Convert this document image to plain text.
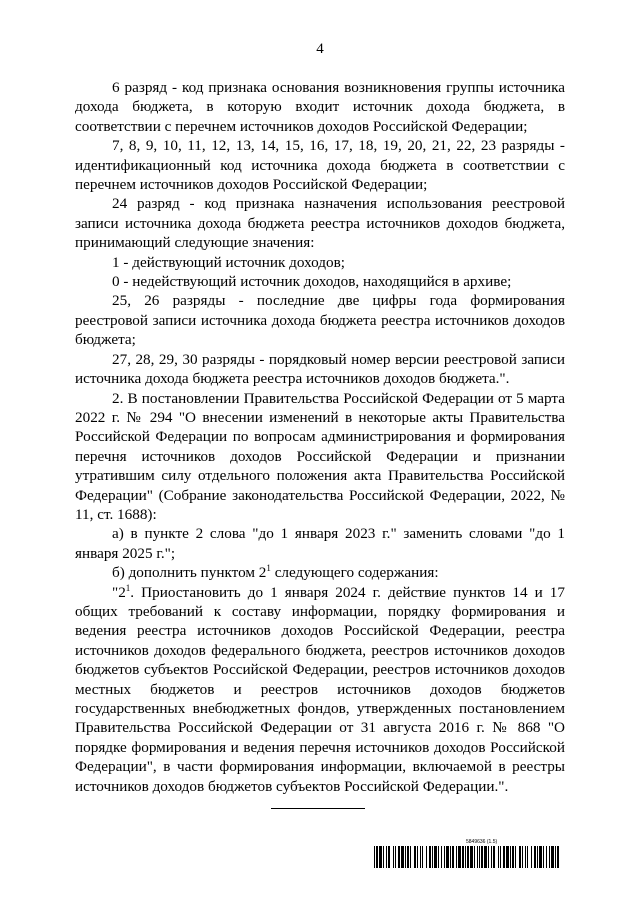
4

6 разряд - код признака основания возникновения группы источника дохода бюджета, в которую входит источник дохода бюджета, в соответствии с перечнем источников доходов Российской Федерации;

7, 8, 9, 10, 11, 12, 13, 14, 15, 16, 17, 18, 19, 20, 21, 22, 23 разряды - идентификационный код источника дохода бюджета в соответствии с перечнем источников доходов Российской Федерации;

24 разряд - код признака назначения использования реестровой записи источника дохода бюджета реестра источников доходов бюджета, принимающий следующие значения:

1 - действующий источник доходов;

0 - недействующий источник доходов, находящийся в архиве;

25, 26 разряды - последние две цифры года формирования реестровой записи источника дохода бюджета реестра источников доходов бюджета;

27, 28, 29, 30 разряды - порядковый номер версии реестровой записи источника дохода бюджета реестра источников доходов бюджета.".

2. В постановлении Правительства Российской Федерации от 5 марта 2022 г. № 294 "О внесении изменений в некоторые акты Правительства Российской Федерации по вопросам администрирования и формирования перечня источников доходов Российской Федерации и признании утратившим силу отдельного положения акта Правительства Российской Федерации" (Собрание законодательства Российской Федерации, 2022, № 11, ст. 1688):

а) в пункте 2 слова "до 1 января 2023 г." заменить словами "до 1 января 2025 г.";

б) дополнить пунктом $2^1$ следующего содержания:

"$2^1$. Приостановить до 1 января 2024 г. действие пунктов 14 и 17 общих требований к составу информации, порядку формирования и ведения реестра источников доходов Российской Федерации, реестра источников доходов федерального бюджета, реестров источников доходов бюджетов субъектов Российской Федерации, реестров источников доходов местных бюджетов и реестров источников доходов бюджетов государственных внебюджетных фондов, утвержденных постановлением Правительства Российской Федерации от 31 августа 2016 г. № 868 "О порядке формирования и ведения перечня источников доходов Российской Федерации", в части формирования информации, включаемой в реестры источников доходов бюджетов субъектов Российской Федерации.".

5849636 (1.5)
